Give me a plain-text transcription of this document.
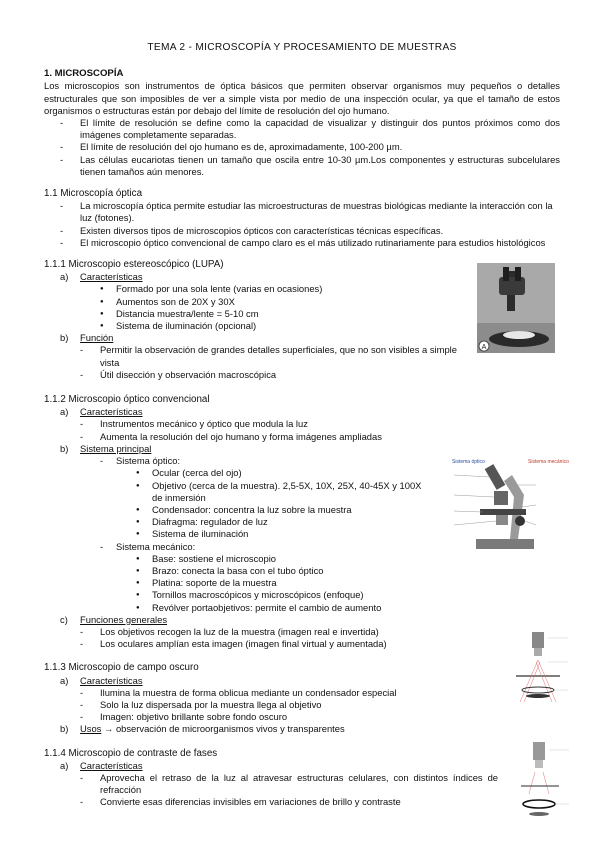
TEMA 2 - MICROSCOPÍA Y PROCESAMIENTO DE MUESTRAS
1. MICROSCOPÍA
Los microscopios son instrumentos de óptica básicos que permiten observar organismos muy pequeños o detalles estructurales que son imposibles de ver a simple vista por medio de una inspección ocular, ya que el tamaño de estos organismos o estructuras están por debajo del límite de resolución del ojo humano.
- El límite de resolución se define como la capacidad de visualizar y distinguir dos puntos próximos como dos imágenes completamente separadas.
- El límite de resolución del ojo humano es de, aproximadamente, 100-200 µm.
- Las células eucariotas tienen un tamaño que oscila entre 10-30 µm.Los componentes y estructuras subcelulares tienen tamaños aún menores.
1.1 Microscopía óptica
- La microscopía óptica permite estudiar las microestructuras de muestras biológicas mediante la interacción con la luz (fotones).
- Existen diversos tipos de microscopios ópticos con características técnicas específicas.
- El microscopio óptico convencional de campo claro es el más utilizado rutinariamente para estudios histológicos
1.1.1 Microscopio estereoscópico (LUPA)
a) Características
● Formado por una sola lente (varias en ocasiones)
● Aumentos son de 20X y 30X
● Distancia muestra/lente = 5-10 cm
● Sistema de iluminación (opcional)
b) Función
- Permitir la observación de grandes detalles superficiales, que no son visibles a simple vista
- Útil disección y observación macroscópica
1.1.2 Microscopio óptico convencional
a) Características
- Instrumentos mecánico y óptico que modula la luz
- Aumenta la resolución del ojo humano y forma imágenes ampliadas
b) Sistema principal
- Sistema óptico:
● Ocular (cerca del ojo)
● Objetivo (cerca de la muestra). 2,5-5X, 10X, 25X, 40-45X y 100X de inmersión
● Condensador: concentra la luz sobre la muestra
● Diafragma: regulador de luz
● Sistema de iluminación
- Sistema mecánico:
● Base: sostiene el microscopio
● Brazo: conecta la basa con el tubo óptico
● Platina: soporte de la muestra
● Tornillos macroscópicos y microscópicos (enfoque)
● Revólver portaobjetivos: permite el cambio de aumento
c) Funciones generales
- Los objetivos recogen la luz de la muestra (imagen real e invertida)
- Los oculares amplían esta imagen (imagen final virtual y aumentada)
1.1.3 Microscopio de campo oscuro
a) Características
- Ilumina la muestra de forma oblicua mediante un condensador especial
- Solo la luz dispersada por la muestra llega al objetivo
- Imagen: objetivo brillante sobre fondo oscuro
b) Usos → observación de microorganismos vivos y transparentes
1.1.4 Microscopio de contraste de fases
a) Características
- Aprovecha el retraso de la luz al atravesar estructuras celulares, con distintos índices de refracción
- Convierte esas diferencias invisibles em variaciones de brillo y contraste
A
Sistema óptico	Sistema mecánico
